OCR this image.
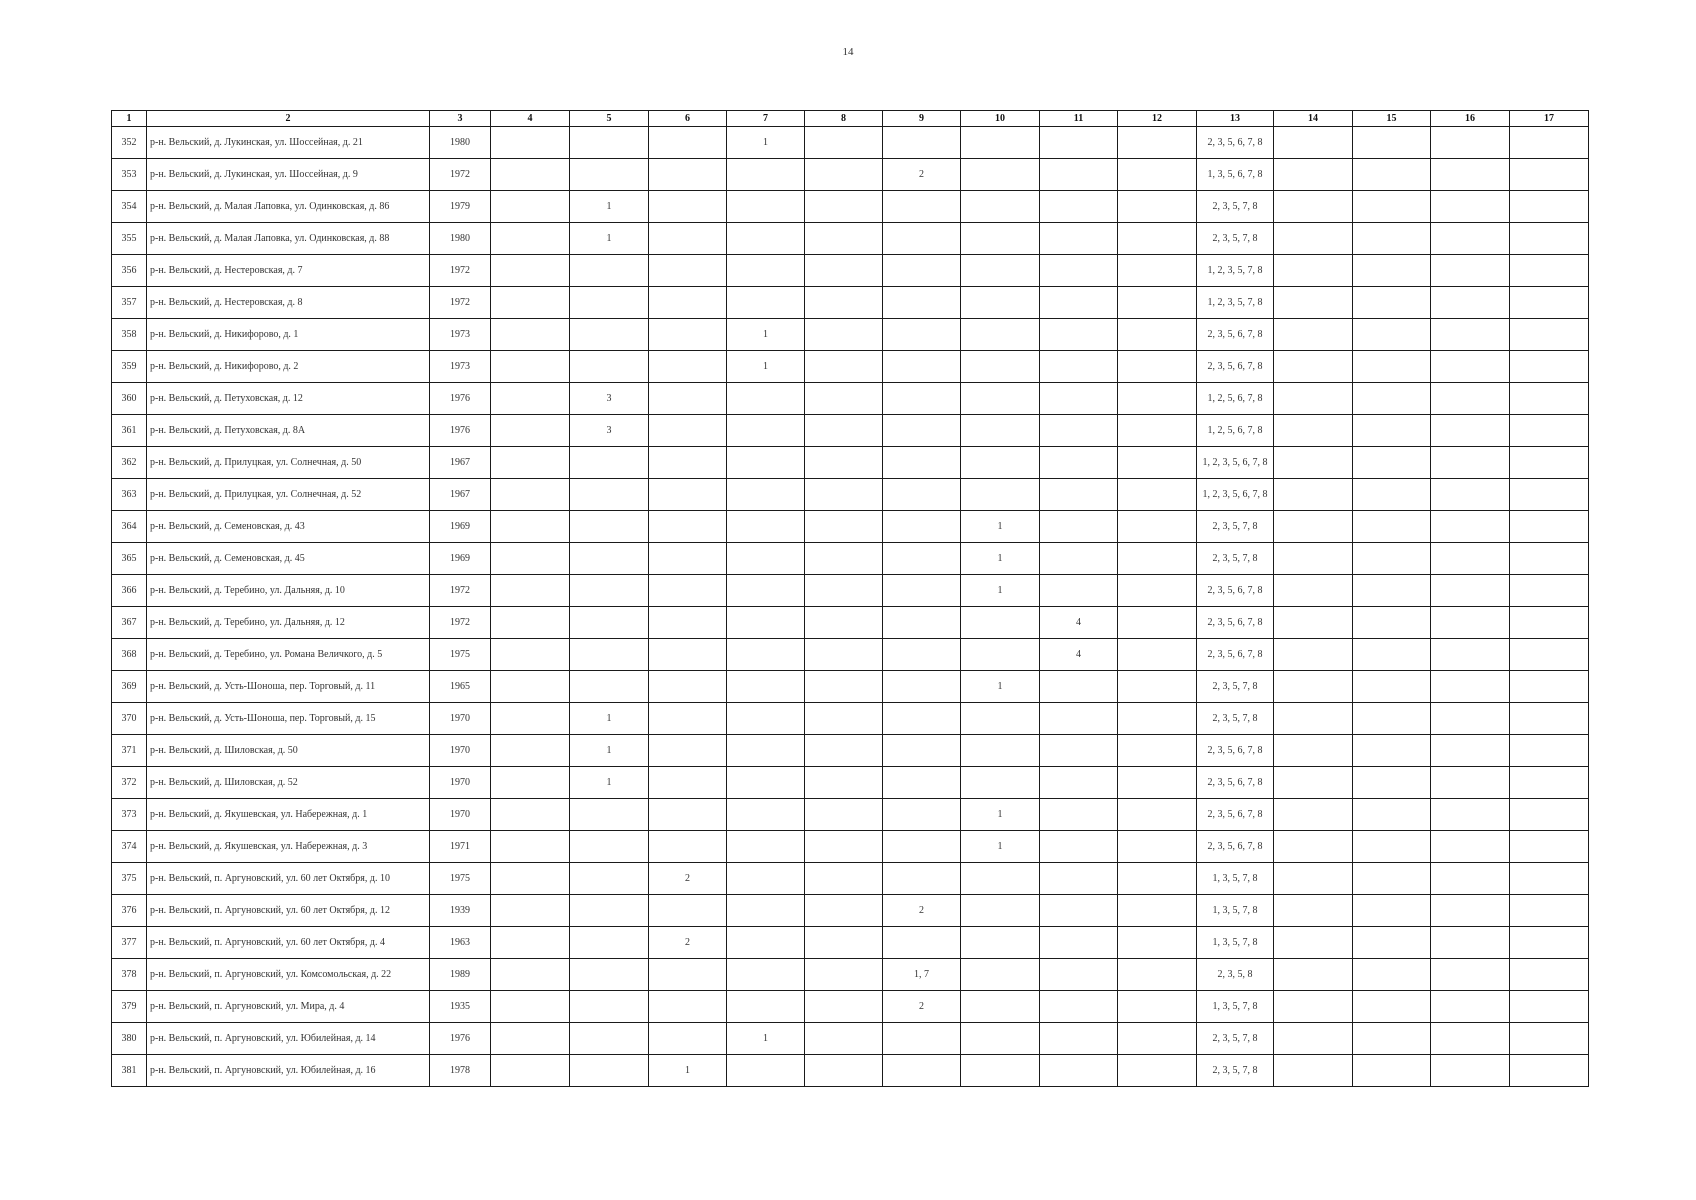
14
1	2	3	4	5	6	7	8	9	10	11	12	13	14	15	16	17
352	р-н. Вельский, д. Лукинская, ул. Шоссейная, д. 21	1980				1						2, 3, 5, 6, 7, 8				
353	р-н. Вельский, д. Лукинская, ул. Шоссейная, д. 9	1972						2				1, 3, 5, 6, 7, 8				
354	р-н. Вельский, д. Малая Лаповка, ул. Одинковская, д. 86	1979		1								2, 3, 5, 7, 8				
355	р-н. Вельский, д. Малая Лаповка, ул. Одинковская, д. 88	1980		1								2, 3, 5, 7, 8				
356	р-н. Вельский, д. Нестеровская, д. 7	1972										1, 2, 3, 5, 7, 8				
357	р-н. Вельский, д. Нестеровская, д. 8	1972										1, 2, 3, 5, 7, 8				
358	р-н. Вельский, д. Никифорово, д. 1	1973				1						2, 3, 5, 6, 7, 8				
359	р-н. Вельский, д. Никифорово, д. 2	1973				1						2, 3, 5, 6, 7, 8				
360	р-н. Вельский, д. Петуховская, д. 12	1976		3								1, 2, 5, 6, 7, 8				
361	р-н. Вельский, д. Петуховская, д. 8А	1976		3								1, 2, 5, 6, 7, 8				
362	р-н. Вельский, д. Прилуцкая, ул. Солнечная, д. 50	1967										1, 2, 3, 5, 6, 7, 8				
363	р-н. Вельский, д. Прилуцкая, ул. Солнечная, д. 52	1967										1, 2, 3, 5, 6, 7, 8				
364	р-н. Вельский, д. Семеновская, д. 43	1969							1			2, 3, 5, 7, 8				
365	р-н. Вельский, д. Семеновская, д. 45	1969							1			2, 3, 5, 7, 8				
366	р-н. Вельский, д. Теребино, ул. Дальняя, д. 10	1972							1			2, 3, 5, 6, 7, 8				
367	р-н. Вельский, д. Теребино, ул. Дальняя, д. 12	1972								4		2, 3, 5, 6, 7, 8				
368	р-н. Вельский, д. Теребино, ул. Романа Величкого, д. 5	1975								4		2, 3, 5, 6, 7, 8				
369	р-н. Вельский, д. Усть-Шоноша, пер. Торговый, д. 11	1965							1			2, 3, 5, 7, 8				
370	р-н. Вельский, д. Усть-Шоноша, пер. Торговый, д. 15	1970		1								2, 3, 5, 7, 8				
371	р-н. Вельский, д. Шиловская, д. 50	1970		1								2, 3, 5, 6, 7, 8				
372	р-н. Вельский, д. Шиловская, д. 52	1970		1								2, 3, 5, 6, 7, 8				
373	р-н. Вельский, д. Якушевская, ул. Набережная, д. 1	1970							1			2, 3, 5, 6, 7, 8				
374	р-н. Вельский, д. Якушевская, ул. Набережная, д. 3	1971							1			2, 3, 5, 6, 7, 8				
375	р-н. Вельский, п. Аргуновский, ул. 60 лет Октября, д. 10	1975			2							1, 3, 5, 7, 8				
376	р-н. Вельский, п. Аргуновский, ул. 60 лет Октября, д. 12	1939						2				1, 3, 5, 7, 8				
377	р-н. Вельский, п. Аргуновский, ул. 60 лет Октября, д. 4	1963			2							1, 3, 5, 7, 8				
378	р-н. Вельский, п. Аргуновский, ул. Комсомольская, д. 22	1989						1, 7				2, 3, 5, 8				
379	р-н. Вельский, п. Аргуновский, ул. Мира, д. 4	1935						2				1, 3, 5, 7, 8				
380	р-н. Вельский, п. Аргуновский, ул. Юбилейная, д. 14	1976				1						2, 3, 5, 7, 8				
381	р-н. Вельский, п. Аргуновский, ул. Юбилейная, д. 16	1978			1							2, 3, 5, 7, 8				
